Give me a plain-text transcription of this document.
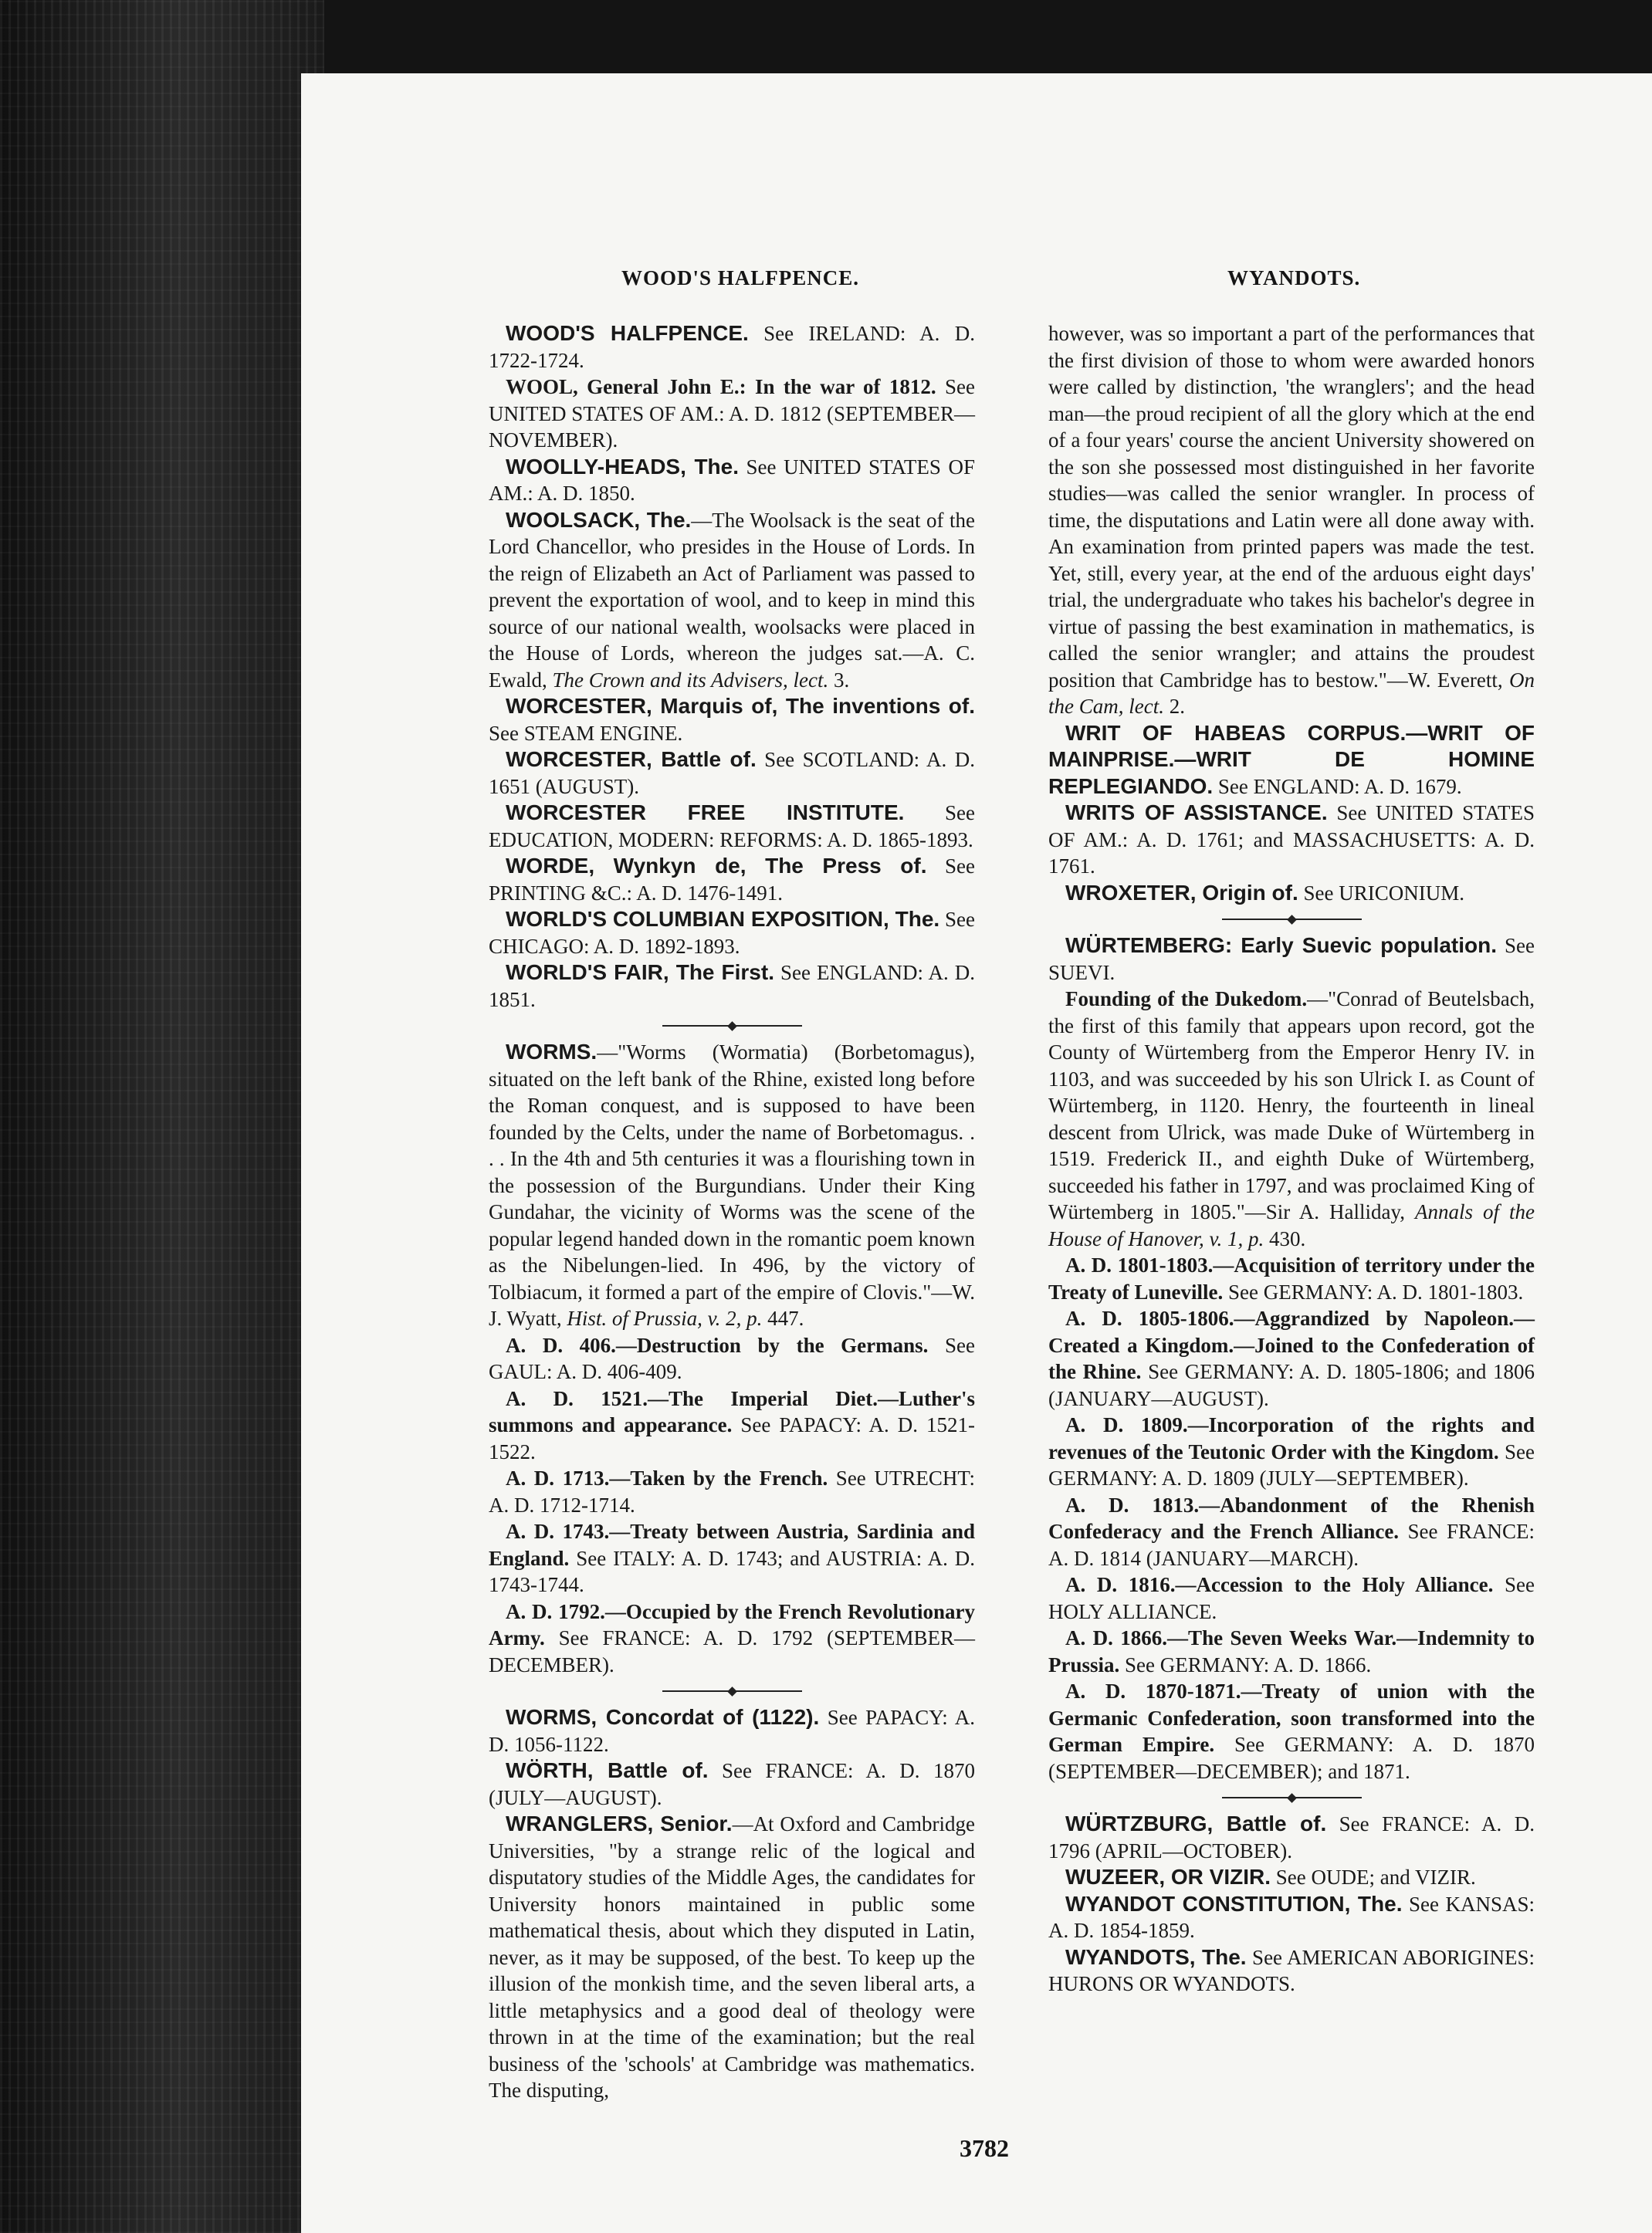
WOOD'S HALFPENCE.	WYANDOTS.

WOOD'S HALFPENCE. See IRELAND: A. D. 1722-1724.

WOOL, General John E.: In the war of 1812. See UNITED STATES OF AM.: A. D. 1812 (SEPTEMBER—NOVEMBER).

WOOLLY-HEADS, The. See UNITED STATES OF AM.: A. D. 1850.

WOOLSACK, The.—The Woolsack is the seat of the Lord Chancellor, who presides in the House of Lords. In the reign of Elizabeth an Act of Parliament was passed to prevent the exportation of wool, and to keep in mind this source of our national wealth, woolsacks were placed in the House of Lords, whereon the judges sat.—A. C. Ewald, The Crown and its Advisers, lect. 3.

WORCESTER, Marquis of, The inventions of. See STEAM ENGINE.

WORCESTER, Battle of. See SCOTLAND: A. D. 1651 (AUGUST).

WORCESTER FREE INSTITUTE. See EDUCATION, MODERN: REFORMS: A. D. 1865-1893.

WORDE, Wynkyn de, The Press of. See PRINTING &C.: A. D. 1476-1491.

WORLD'S COLUMBIAN EXPOSITION, The. See CHICAGO: A. D. 1892-1893.

WORLD'S FAIR, The First. See ENGLAND: A. D. 1851.

WORMS.—"Worms (Wormatia) (Borbetomagus), situated on the left bank of the Rhine, existed long before the Roman conquest, and is supposed to have been founded by the Celts, under the name of Borbetomagus. . . . In the 4th and 5th centuries it was a flourishing town in the possession of the Burgundians. Under their King Gundahar, the vicinity of Worms was the scene of the popular legend handed down in the romantic poem known as the Nibelungen-lied. In 496, by the victory of Tolbiacum, it formed a part of the empire of Clovis."—W. J. Wyatt, Hist. of Prussia, v. 2, p. 447.

A. D. 406.—Destruction by the Germans. See GAUL: A. D. 406-409.

A. D. 1521.—The Imperial Diet.—Luther's summons and appearance. See PAPACY: A. D. 1521-1522.

A. D. 1713.—Taken by the French. See UTRECHT: A. D. 1712-1714.

A. D. 1743.—Treaty between Austria, Sardinia and England. See ITALY: A. D. 1743; and AUSTRIA: A. D. 1743-1744.

A. D. 1792.—Occupied by the French Revolutionary Army. See FRANCE: A. D. 1792 (SEPTEMBER—DECEMBER).

WORMS, Concordat of (1122). See PAPACY: A. D. 1056-1122.

WÖRTH, Battle of. See FRANCE: A. D. 1870 (JULY—AUGUST).

WRANGLERS, Senior.—At Oxford and Cambridge Universities, "by a strange relic of the logical and disputatory studies of the Middle Ages, the candidates for University honors maintained in public some mathematical thesis, about which they disputed in Latin, never, as it may be supposed, of the best. To keep up the illusion of the monkish time, and the seven liberal arts, a little metaphysics and a good deal of theology were thrown in at the time of the examination; but the real business of the 'schools' at Cambridge was mathematics. The disputing,

however, was so important a part of the performances that the first division of those to whom were awarded honors were called by distinction, 'the wranglers'; and the head man—the proud recipient of all the glory which at the end of a four years' course the ancient University showered on the son she possessed most distinguished in her favorite studies—was called the senior wrangler. In process of time, the disputations and Latin were all done away with. An examination from printed papers was made the test. Yet, still, every year, at the end of the arduous eight days' trial, the undergraduate who takes his bachelor's degree in virtue of passing the best examination in mathematics, is called the senior wrangler; and attains the proudest position that Cambridge has to bestow."—W. Everett, On the Cam, lect. 2.

WRIT OF HABEAS CORPUS.—WRIT OF MAINPRISE.—WRIT DE HOMINE REPLEGIANDO. See ENGLAND: A. D. 1679.

WRITS OF ASSISTANCE. See UNITED STATES OF AM.: A. D. 1761; and MASSACHUSETTS: A. D. 1761.

WROXETER, Origin of. See URICONIUM.

WÜRTEMBERG: Early Suevic population. See SUEVI.

Founding of the Dukedom.—"Conrad of Beutelsbach, the first of this family that appears upon record, got the County of Würtemberg from the Emperor Henry IV. in 1103, and was succeeded by his son Ulrick I. as Count of Würtemberg, in 1120. Henry, the fourteenth in lineal descent from Ulrick, was made Duke of Würtemberg in 1519. Frederick II., and eighth Duke of Würtemberg, succeeded his father in 1797, and was proclaimed King of Würtemberg in 1805."—Sir A. Halliday, Annals of the House of Hanover, v. 1, p. 430.

A. D. 1801-1803.—Acquisition of territory under the Treaty of Luneville. See GERMANY: A. D. 1801-1803.

A. D. 1805-1806.—Aggrandized by Napoleon.—Created a Kingdom.—Joined to the Confederation of the Rhine. See GERMANY: A. D. 1805-1806; and 1806 (JANUARY—AUGUST).

A. D. 1809.—Incorporation of the rights and revenues of the Teutonic Order with the Kingdom. See GERMANY: A. D. 1809 (JULY—SEPTEMBER).

A. D. 1813.—Abandonment of the Rhenish Confederacy and the French Alliance. See FRANCE: A. D. 1814 (JANUARY—MARCH).

A. D. 1816.—Accession to the Holy Alliance. See HOLY ALLIANCE.

A. D. 1866.—The Seven Weeks War.—Indemnity to Prussia. See GERMANY: A. D. 1866.

A. D. 1870-1871.—Treaty of union with the Germanic Confederation, soon transformed into the German Empire. See GERMANY: A. D. 1870 (SEPTEMBER—DECEMBER); and 1871.

WÜRTZBURG, Battle of. See FRANCE: A. D. 1796 (APRIL—OCTOBER).

WUZEER, OR VIZIR. See OUDE; and VIZIR.

WYANDOT CONSTITUTION, The. See KANSAS: A. D. 1854-1859.

WYANDOTS, The. See AMERICAN ABORIGINES: HURONS OR WYANDOTS.

3782
